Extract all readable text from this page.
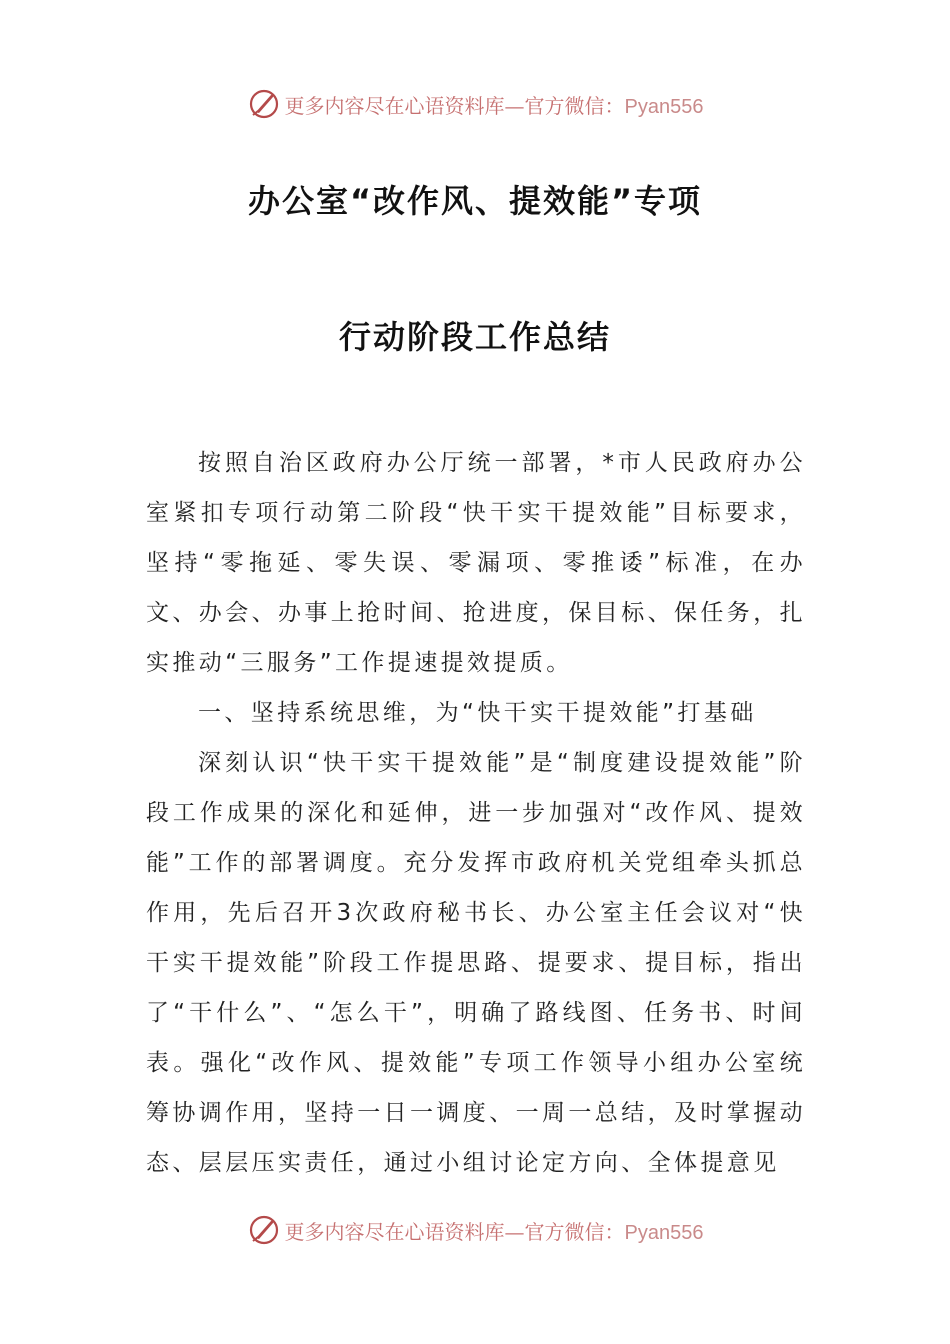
更多内容尽在心语资料库—官方微信：Pyan556
办公室“改作风、提效能”专项
行动阶段工作总结

按照自治区政府办公厅统一部署，*市人民政府办公室紧扣专项行动第二阶段“快干实干提效能”目标要求，坚持“零拖延、零失误、零漏项、零推诿”标准，在办文、办会、办事上抢时间、抢进度，保目标、保任务，扎实推动“三服务”工作提速提效提质。

一、坚持系统思维，为“快干实干提效能”打基础

深刻认识“快干实干提效能”是“制度建设提效能”阶段工作成果的深化和延伸，进一步加强对“改作风、提效能”工作的部署调度。充分发挥市政府机关党组牵头抓总作用，先后召开3次政府秘书长、办公室主任会议对“快干实干提效能”阶段工作提思路、提要求、提目标，指出了“干什么”、“怎么干”，明确了路线图、任务书、时间表。强化“改作风、提效能”专项工作领导小组办公室统筹协调作用，坚持一日一调度、一周一总结，及时掌握动态、层层压实责任，通过小组讨论定方向、全体提意见

更多内容尽在心语资料库—官方微信：Pyan556
